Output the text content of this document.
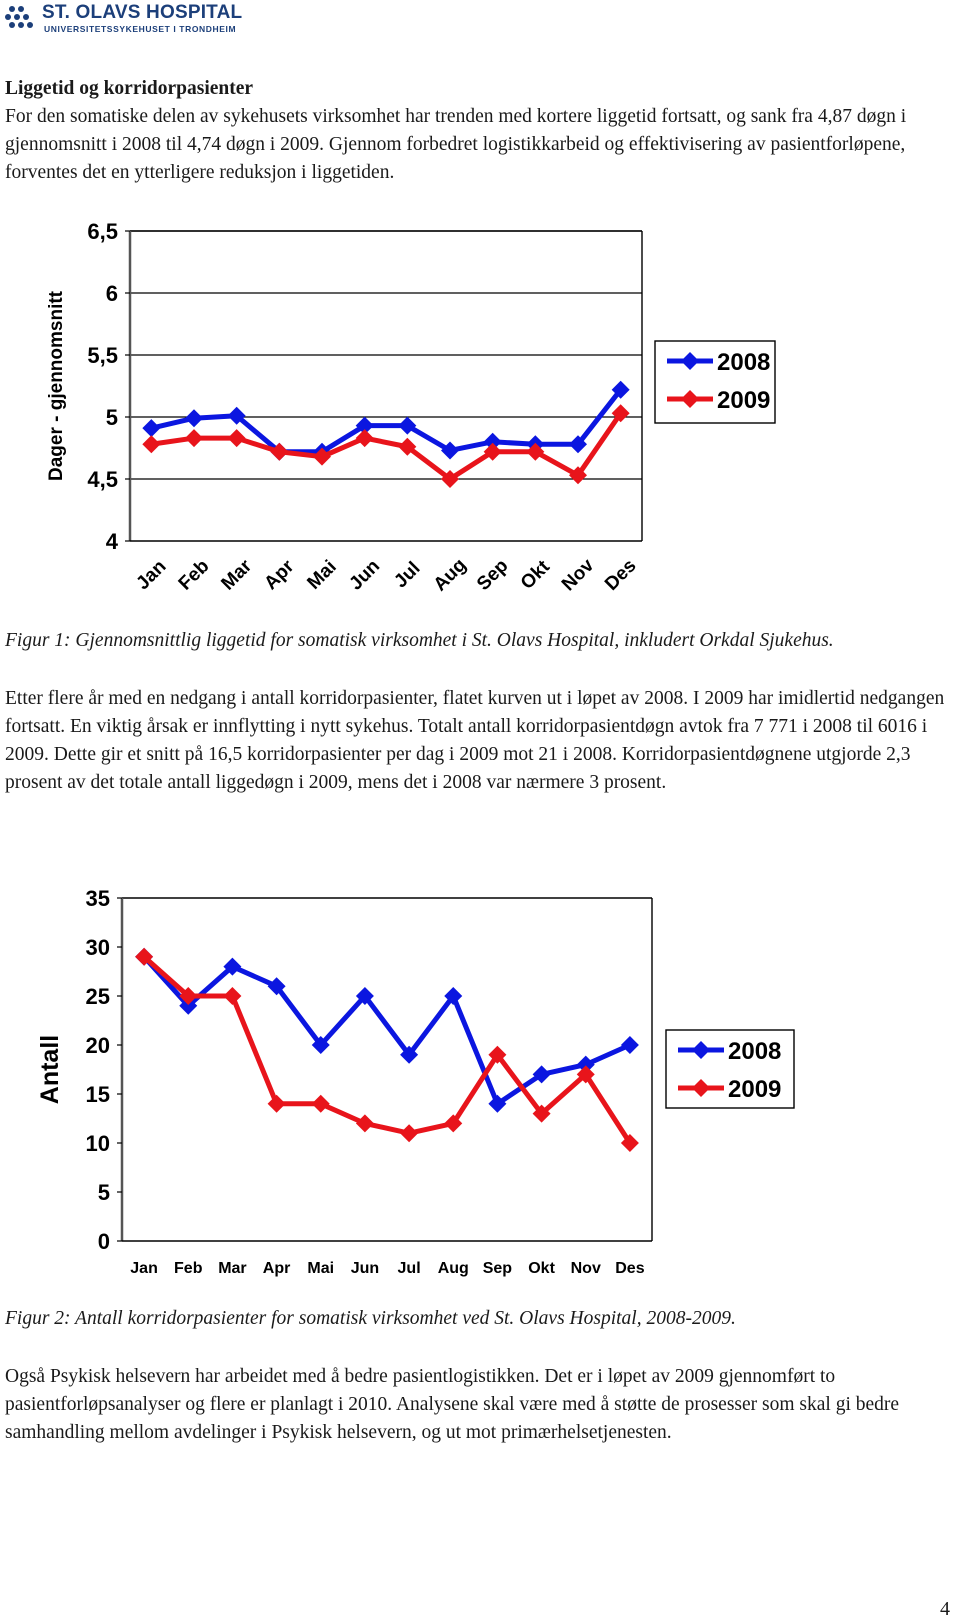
ST. OLAVS HOSPITAL
UNIVERSITETSSYKEHUSET I TRONDHEIM
Liggetid og korridorpasienter
For den somatiske delen av sykehusets virksomhet har trenden med kortere liggetid fortsatt, og sank fra 4,87 døgn i gjennomsnitt i 2008 til 4,74 døgn i 2009. Gjennom forbedret logistikkarbeid og effektivisering av pasientforløpene, forventes det en ytterligere reduksjon i liggetiden.
4
4,5
5
5,5
6
6,5
Jan Feb Mar Apr Mai Jun Jul Aug Sep Okt Nov Des
Dager - gjennomsnitt	2008
2009
Figur 1: Gjennomsnittlig liggetid for somatisk virksomhet i St. Olavs Hospital, inkludert Orkdal Sjukehus.
Etter flere år med en nedgang i antall korridorpasienter, flatet kurven ut i løpet av 2008. I 2009 har imidlertid nedgangen fortsatt. En viktig årsak er innflytting i nytt sykehus. Totalt antall korridorpasientdøgn avtok fra 7 771 i 2008 til 6016 i 2009. Dette gir et snitt på 16,5 korridorpasienter per dag i 2009 mot 21 i 2008. Korridorpasientdøgnene utgjorde 2,3 prosent av det totale antall liggedøgn i 2009, mens det i 2008 var nærmere 3 prosent.
0
5
10
15
20
25
30
35
Jan Feb Mar Apr Mai Jun Jul Aug Sep Okt Nov Des
Antall	2008
2009
Figur 2: Antall korridorpasienter for somatisk virksomhet ved St. Olavs Hospital, 2008-2009.
Også Psykisk helsevern har arbeidet med å bedre pasientlogistikken. Det er i løpet av 2009 gjennomført to pasientforløpsanalyser og flere er planlagt i 2010. Analysene skal være med å støtte de prosesser som skal gi bedre samhandling mellom avdelinger i Psykisk helsevern, og ut mot primærhelsetjenesten.
4
